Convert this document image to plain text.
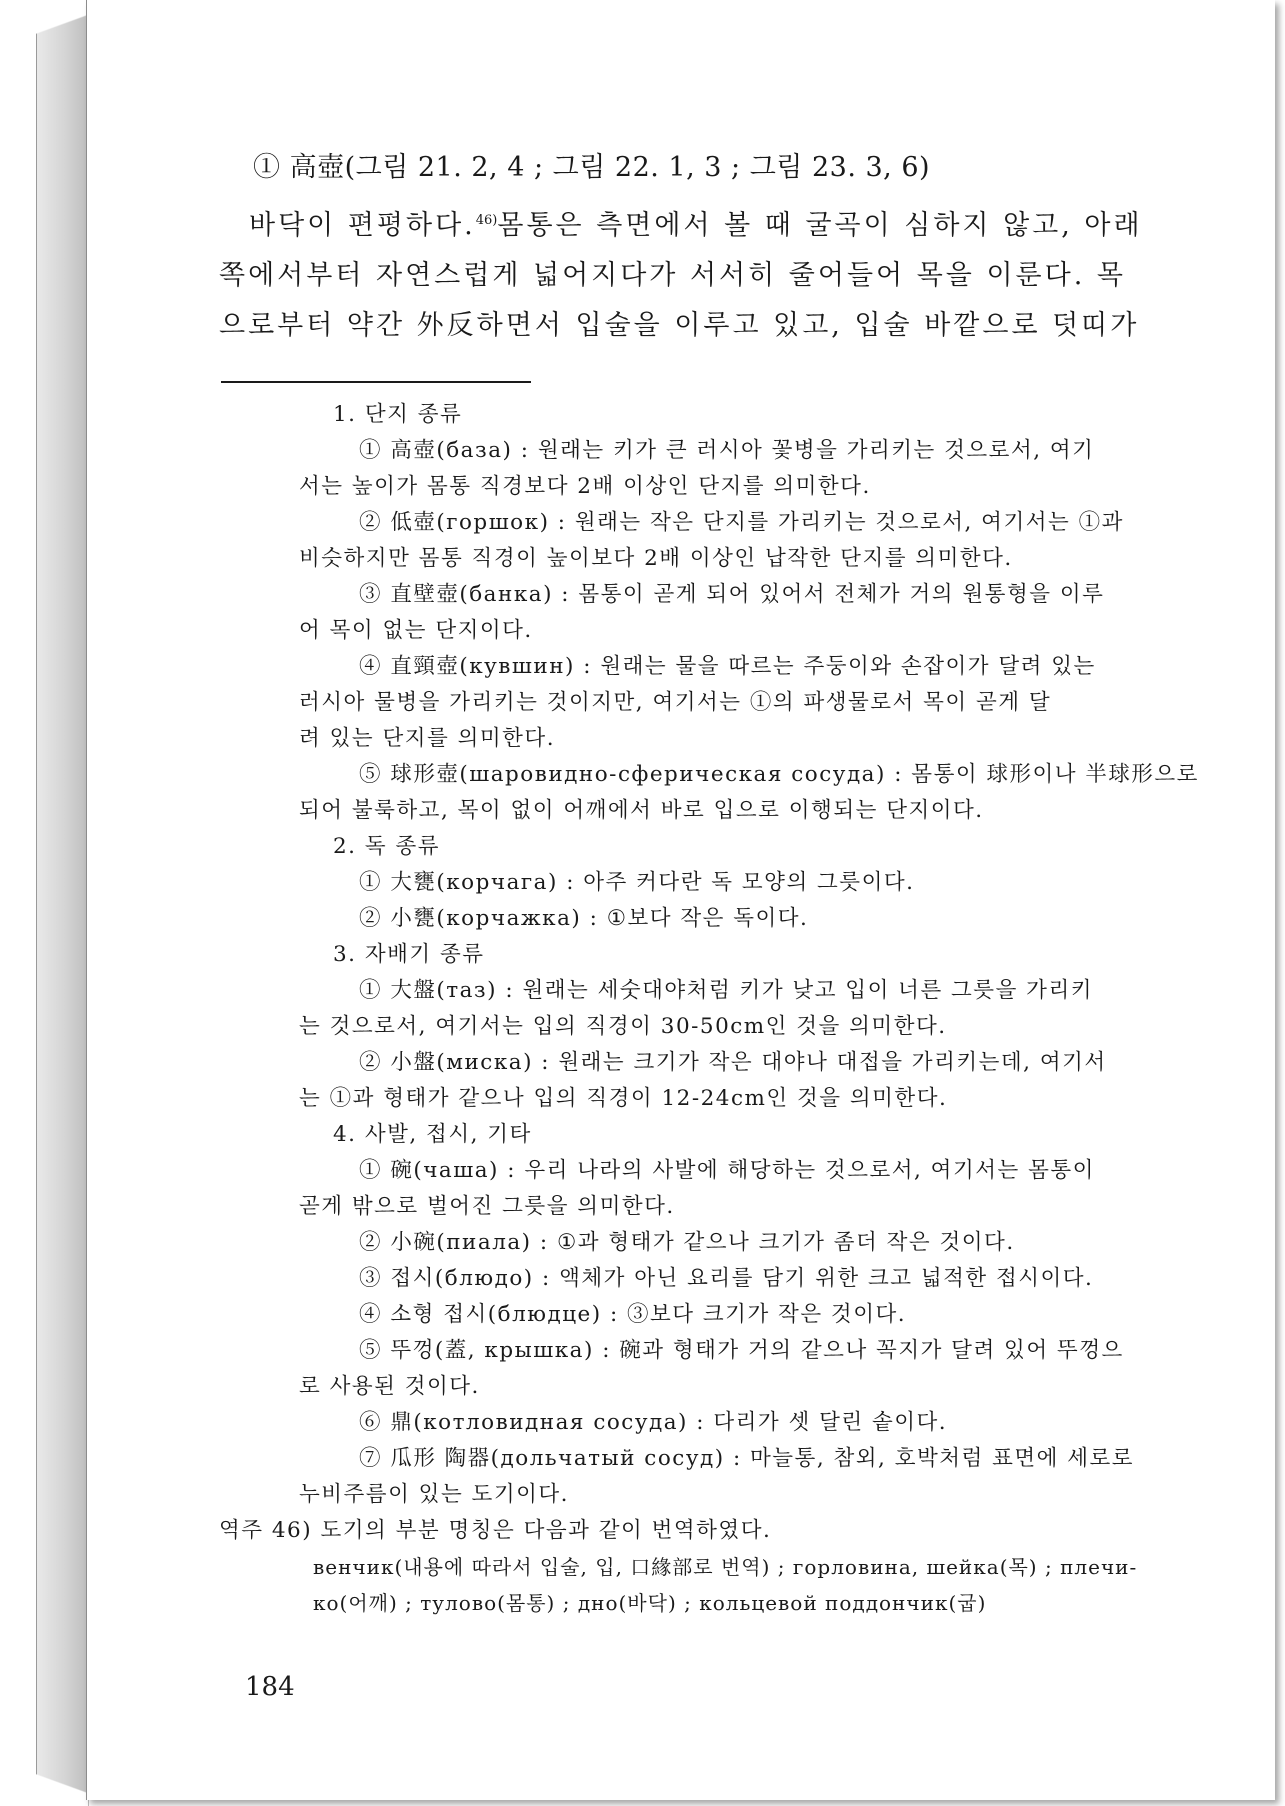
① 高壺(그림 21. 2, 4 ; 그림 22. 1, 3 ; 그림 23. 3, 6)

바닥이 편평하다.$^{46)}$몸통은 측면에서 볼 때 굴곡이 심하지 않고, 아래

쪽에서부터 자연스럽게 넓어지다가 서서히 줄어들어 목을 이룬다. 목

으로부터 약간 外反하면서 입술을 이루고 있고, 입술 바깥으로 덧띠가

1. 단지 종류

① 高壺(база) : 원래는 키가 큰 러시아 꽃병을 가리키는 것으로서, 여기

서는 높이가 몸통 직경보다 2배 이상인 단지를 의미한다.

② 低壺(горшок) : 원래는 작은 단지를 가리키는 것으로서, 여기서는 ①과

비슷하지만 몸통 직경이 높이보다 2배 이상인 납작한 단지를 의미한다.

③ 直壁壺(банка) : 몸통이 곧게 되어 있어서 전체가 거의 원통형을 이루

어 목이 없는 단지이다.

④ 直頸壺(кувшин) : 원래는 물을 따르는 주둥이와 손잡이가 달려 있는

러시아 물병을 가리키는 것이지만, 여기서는 ①의 파생물로서 목이 곧게 달

려 있는 단지를 의미한다.

⑤ 球形壺(шаровидно-сферическая сосуда) : 몸통이 球形이나 半球形으로

되어 불룩하고, 목이 없이 어깨에서 바로 입으로 이행되는 단지이다.

2. 독 종류

① 大甕(корчага) : 아주 커다란 독 모양의 그릇이다.

② 小甕(корчажка) : ①보다 작은 독이다.

3. 자배기 종류

① 大盤(таз) : 원래는 세숫대야처럼 키가 낮고 입이 너른 그릇을 가리키

는 것으로서, 여기서는 입의 직경이 30-50cm인 것을 의미한다.

② 小盤(миска) : 원래는 크기가 작은 대야나 대접을 가리키는데, 여기서

는 ①과 형태가 같으나 입의 직경이 12-24cm인 것을 의미한다.

4. 사발, 접시, 기타

① 碗(чаша) : 우리 나라의 사발에 해당하는 것으로서, 여기서는 몸통이

곧게 밖으로 벌어진 그릇을 의미한다.

② 小碗(пиала) : ①과 형태가 같으나 크기가 좀더 작은 것이다.

③ 접시(блюдо) : 액체가 아닌 요리를 담기 위한 크고 넓적한 접시이다.

④ 소형 접시(блюдце) : ③보다 크기가 작은 것이다.

⑤ 뚜껑(蓋, крышка) : 碗과 형태가 거의 같으나 꼭지가 달려 있어 뚜껑으

로 사용된 것이다.

⑥ 鼎(котловидная сосуда) : 다리가 셋 달린 솥이다.

⑦ 瓜形 陶器(дольчатый сосуд) : 마늘통, 참외, 호박처럼 표면에 세로로

누비주름이 있는 도기이다.

역주 46) 도기의 부분 명칭은 다음과 같이 번역하였다.

венчик(내용에 따라서 입술, 입, 口緣部로 번역) ; горловина, шейка(목) ; плечи-

ко(어깨) ; тулово(몸통) ; дно(바닥) ; кольцевой поддончик(굽)

184
